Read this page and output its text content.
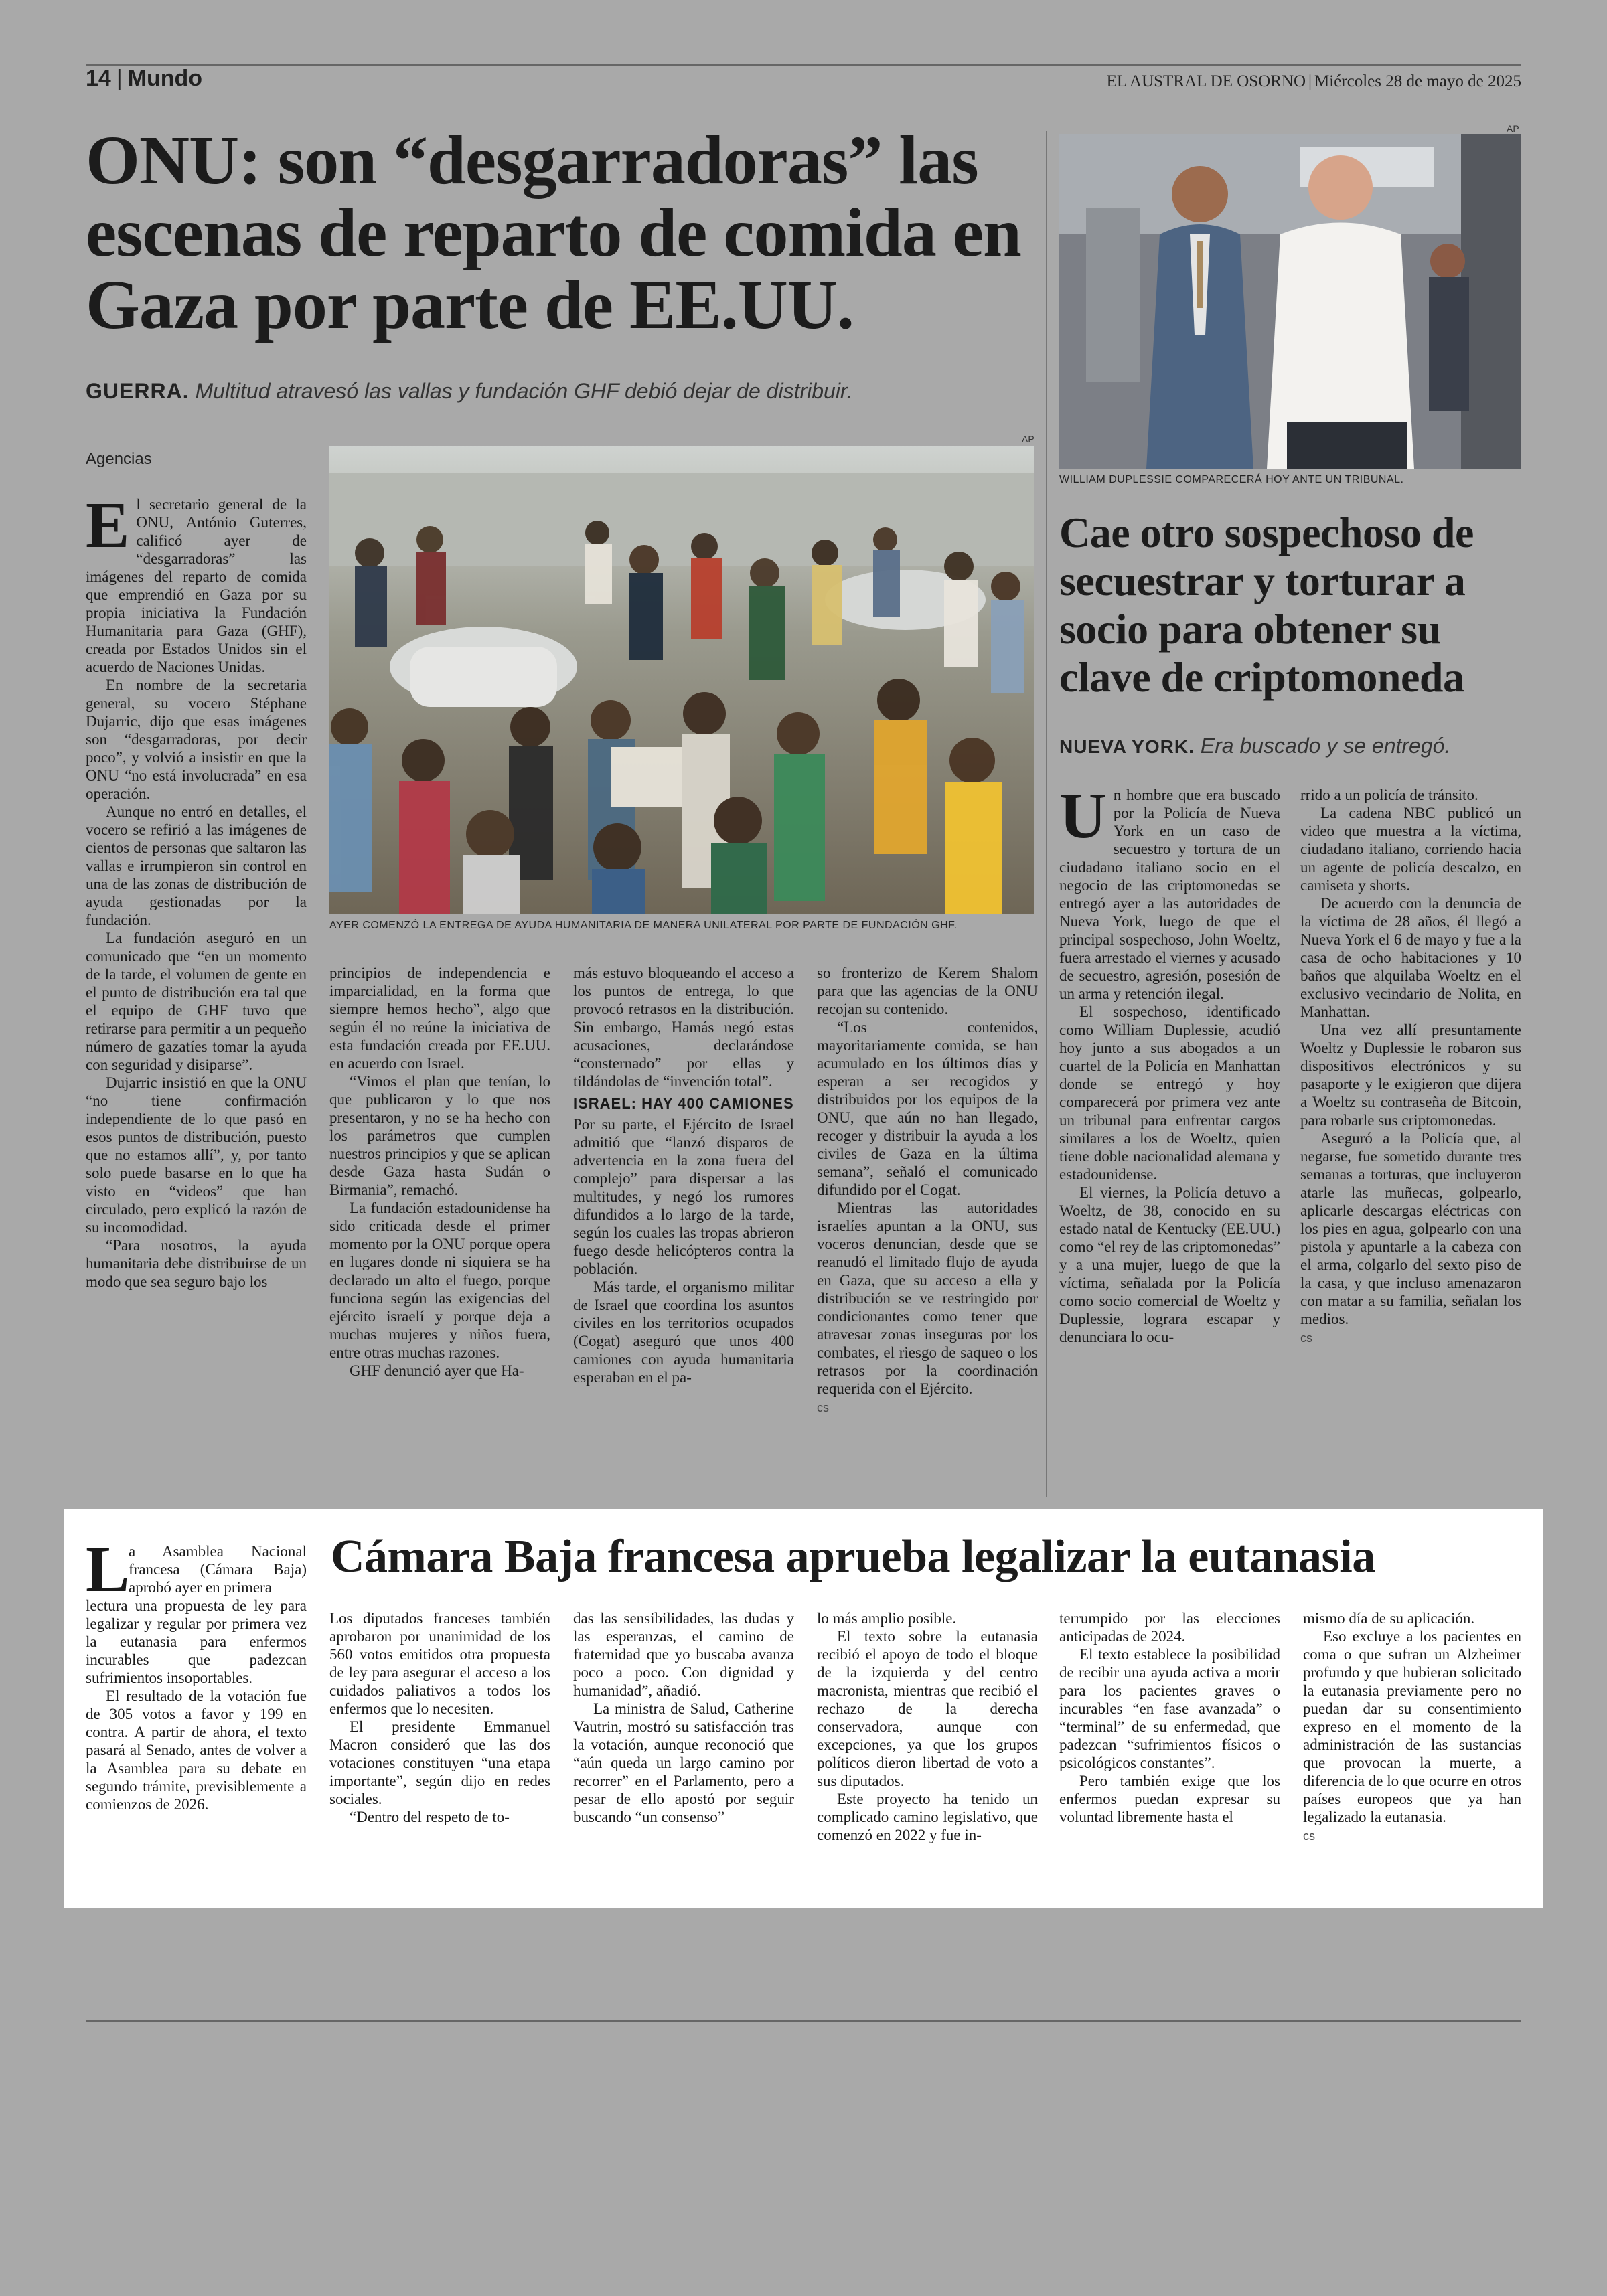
14 | Mundo	EL AUSTRAL DE OSORNO | Miércoles 28 de mayo de 2025
ONU: son “desgarradoras” las escenas de reparto de comida en Gaza por parte de EE.UU.
GUERRA. Multitud atravesó las vallas y fundación GHF debió dejar de distribuir.
Agencias
AP
AYER COMENZÓ LA ENTREGA DE AYUDA HUMANITARIA DE MANERA UNILATERAL POR PARTE DE FUNDACIÓN GHF.
E l secretario general de la ONU, António Guterres, calificó ayer de “desgarradoras” las imágenes del reparto de comida que emprendió en Gaza por su propia iniciativa la Fundación Humanitaria para Gaza (GHF), creada por Estados Unidos sin el acuerdo de Naciones Unidas.

En nombre de la secretaria general, su vocero Stéphane Dujarric, dijo que esas imágenes son “desgarradoras, por decir poco”, y volvió a insistir en que la ONU “no está involucrada” en esa operación.

Aunque no entró en detalles, el vocero se refirió a las imágenes de cientos de personas que saltaron las vallas e irrumpieron sin control en una de las zonas de distribución de ayuda gestionadas por la fundación.

La fundación aseguró en un comunicado que “en un momento de la tarde, el volumen de gente en el punto de distribución era tal que el equipo de GHF tuvo que retirarse para permitir a un pequeño número de gazatíes tomar la ayuda con seguridad y disiparse”.

Dujarric insistió en que la ONU “no tiene confirmación independiente de lo que pasó en esos puntos de distribución, puesto que no estamos allí”, y, por tanto solo puede basarse en lo que ha visto en “videos” que han circulado, pero explicó la razón de su incomodidad.

“Para nosotros, la ayuda humanitaria debe distribuirse de un modo que sea seguro bajo los

principios de independencia e imparcialidad, en la forma que siempre hemos hecho”, algo que según él no reúne la iniciativa de esta fundación creada por EE.UU. en acuerdo con Israel.

“Vimos el plan que tenían, lo que publicaron y lo que nos presentaron, y no se ha hecho con los parámetros que cumplen nuestros principios y que se aplican desde Gaza hasta Sudán o Birmania”, remachó.

La fundación estadounidense ha sido criticada desde el primer momento por la ONU porque opera en lugares donde ni siquiera se ha declarado un alto el fuego, porque funciona según las exigencias del ejército israelí y porque deja a muchas mujeres y niños fuera, entre otras muchas razones.

GHF denunció ayer que Ha-

más estuvo bloqueando el acceso a los puntos de entrega, lo que provocó retrasos en la distribución. Sin embargo, Hamás negó estas acusaciones, declarándose “consternado” por ellas y tildándolas de “invención total”.

ISRAEL: HAY 400 CAMIONES

Por su parte, el Ejército de Israel admitió que “lanzó disparos de advertencia en la zona fuera del complejo” para dispersar a las multitudes, y negó los rumores difundidos a lo largo de la tarde, según los cuales las tropas abrieron fuego desde helicópteros contra la población.

Más tarde, el organismo militar de Israel que coordina los asuntos civiles en los territorios ocupados (Cogat) aseguró que unos 400 camiones con ayuda humanitaria esperaban en el pa-

so fronterizo de Kerem Shalom para que las agencias de la ONU recojan su contenido.

“Los contenidos, mayoritariamente comida, se han acumulado en los últimos días y esperan a ser recogidos y distribuidos por los equipos de la ONU, que aún no han llegado, recoger y distribuir la ayuda a los civiles de Gaza en la última semana”, señaló el comunicado difundido por el Cogat.

Mientras las autoridades israelíes apuntan a la ONU, sus voceros denuncian, desde que se reanudó el limitado flujo de ayuda en Gaza, que su acceso a ella y distribución se ve restringido por condicionantes como tener que atravesar zonas inseguras por los combates, el riesgo de saqueo o los retrasos por la coordinación requerida con el Ejército.

cs
AP
WILLIAM DUPLESSIE COMPARECERÁ HOY ANTE UN TRIBUNAL.
Cae otro sospechoso de secuestrar y torturar a socio para obtener su clave de criptomoneda
NUEVA YORK. Era buscado y se entregó.
U n hombre que era buscado por la Policía de Nueva York en un caso de secuestro y tortura de un ciudadano italiano socio en el negocio de las criptomonedas se entregó ayer a las autoridades de Nueva York, luego de que el principal sospechoso, John Woeltz, fuera arrestado el viernes y acusado de secuestro, agresión, posesión de un arma y retención ilegal.

El sospechoso, identificado como William Duplessie, acudió hoy junto a sus abogados a un cuartel de la Policía en Manhattan donde se entregó y hoy comparecerá por primera vez ante un tribunal para enfrentar cargos similares a los de Woeltz, quien tiene doble nacionalidad alemana y estadounidense.

El viernes, la Policía detuvo a Woeltz, de 38, conocido en su estado natal de Kentucky (EE.UU.) como “el rey de las criptomonedas” y a una mujer, luego de que la víctima, señalada por la Policía como socio comercial de Woeltz y Duplessie, lograra escapar y denunciara lo ocu-

rrido a un policía de tránsito.

La cadena NBC publicó un video que muestra a la víctima, ciudadano italiano, corriendo hacia un agente de policía descalzo, en camiseta y shorts.

De acuerdo con la denuncia de la víctima de 28 años, él llegó a Nueva York el 6 de mayo y fue a la casa de ocho habitaciones y 10 baños que alquilaba Woeltz en el exclusivo vecindario de Nolita, en Manhattan.

Una vez allí presuntamente Woeltz y Duplessie le robaron sus dispositivos electrónicos y su pasaporte y le exigieron que dijera a Woeltz su contraseña de Bitcoin, para robarle sus criptomonedas.

Aseguró a la Policía que, al negarse, fue sometido durante tres semanas a torturas, que incluyeron atarle las muñecas, golpearlo, aplicarle descargas eléctricas con los pies en agua, golpearlo con una pistola y apuntarle a la cabeza con el arma, colgarlo del sexto piso de la casa, y que incluso amenazaron con matar a su familia, señalan los medios.

cs
Cámara Baja francesa aprueba legalizar la eutanasia
L

a Asamblea Nacional francesa (Cámara Baja) aprobó ayer en primera

lectura una propuesta de ley para legalizar y regular por primera vez la eutanasia para enfermos incurables que padezcan sufrimientos insoportables.

El resultado de la votación fue de 305 votos a favor y 199 en contra. A partir de ahora, el texto pasará al Senado, antes de volver a la Asamblea para su debate en segundo trámite, previsiblemente a comienzos de 2026.

Los diputados franceses también aprobaron por unanimidad de los 560 votos emitidos otra propuesta de ley para asegurar el acceso a los cuidados paliativos a todos los enfermos que lo necesiten.

El presidente Emmanuel Macron consideró que las dos votaciones constituyen “una etapa importante”, según dijo en redes sociales.

“Dentro del respeto de to-

das las sensibilidades, las dudas y las esperanzas, el camino de fraternidad que yo buscaba avanza poco a poco. Con dignidad y humanidad”, añadió.

La ministra de Salud, Catherine Vautrin, mostró su satisfacción tras la votación, aunque reconoció que “aún queda un largo camino por recorrer” en el Parlamento, pero a pesar de ello apostó por seguir buscando “un consenso”

lo más amplio posible.

El texto sobre la eutanasia recibió el apoyo de todo el bloque de la izquierda y del centro macronista, mientras que recibió el rechazo de la derecha conservadora, aunque con excepciones, ya que los grupos políticos dieron libertad de voto a sus diputados.

Este proyecto ha tenido un complicado camino legislativo, que comenzó en 2022 y fue in-

terrumpido por las elecciones anticipadas de 2024.

El texto establece la posibilidad de recibir una ayuda activa a morir para los pacientes graves o incurables “en fase avanzada” o “terminal” de su enfermedad, que padezcan “sufrimientos físicos o psicológicos constantes”.

Pero también exige que los enfermos puedan expresar su voluntad libremente hasta el

mismo día de su aplicación.

Eso excluye a los pacientes en coma o que sufran un Alzheimer profundo y que hubieran solicitado la eutanasia previamente pero no puedan dar su consentimiento expreso en el momento de la administración de las sustancias que provocan la muerte, a diferencia de lo que ocurre en otros países europeos que ya han legalizado la eutanasia.

cs
